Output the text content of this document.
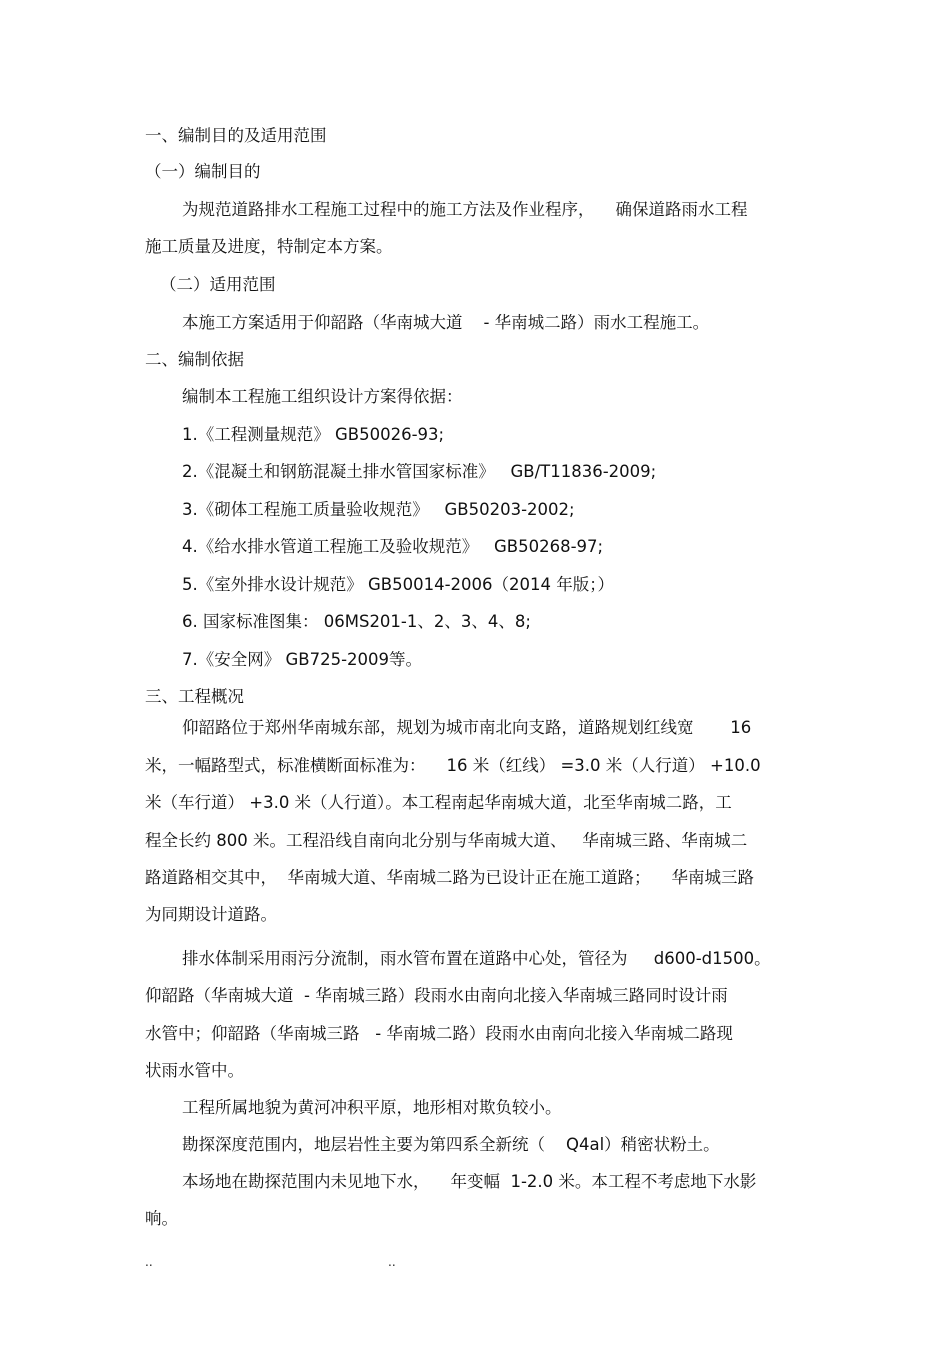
一、编制目的及适用范围

（一）编制目的

为规范道路排水工程施工过程中的施工方法及作业程序，    确保道路雨水工程

施工质量及进度，特制定本方案。

（二）适用范围

本施工方案适用于仰韶路（华南城大道    - 华南城二路）雨水工程施工。

二、编制依据

编制本工程施工组织设计方案得依据：

1.《工程测量规范》 GB50026-93;

2.《混凝土和钢筋混凝土排水管国家标准》   GB/T11836-2009;

3.《砌体工程施工质量验收规范》   GB50203-2002;

4.《给水排水管道工程施工及验收规范》   GB50268-97;

5.《室外排水设计规范》 GB50014-2006（2014 年版；）

6. 国家标准图集： 06MS201-1、2、3、4、8;

7.《安全网》 GB725-2009等。

三、工程概况

仰韶路位于郑州华南城东部，规划为城市南北向支路，道路规划红线宽       16

米，一幅路型式，标准横断面标准为：    16 米（红线） =3.0 米（人行道） +10.0

米（车行道） +3.0 米（人行道）。本工程南起华南城大道，北至华南城二路，工

程全长约 800 米。工程沿线自南向北分别与华南城大道、   华南城三路、华南城二

路道路相交其中，  华南城大道、华南城二路为已设计正在施工道路；    华南城三路

为同期设计道路。

排水体制采用雨污分流制，雨水管布置在道路中心处，管径为     d600-d1500。

仰韶路（华南城大道  - 华南城三路）段雨水由南向北接入华南城三路同时设计雨

水管中；仰韶路（华南城三路   - 华南城二路）段雨水由南向北接入华南城二路现

状雨水管中。

工程所属地貌为黄河冲积平原，地形相对欺负较小。

勘探深度范围内，地层岩性主要为第四系全新统（    Q4al）稍密状粉土。

本场地在勘探范围内未见地下水，    年变幅  1-2.0 米。本工程不考虑地下水影

响。

..	..
